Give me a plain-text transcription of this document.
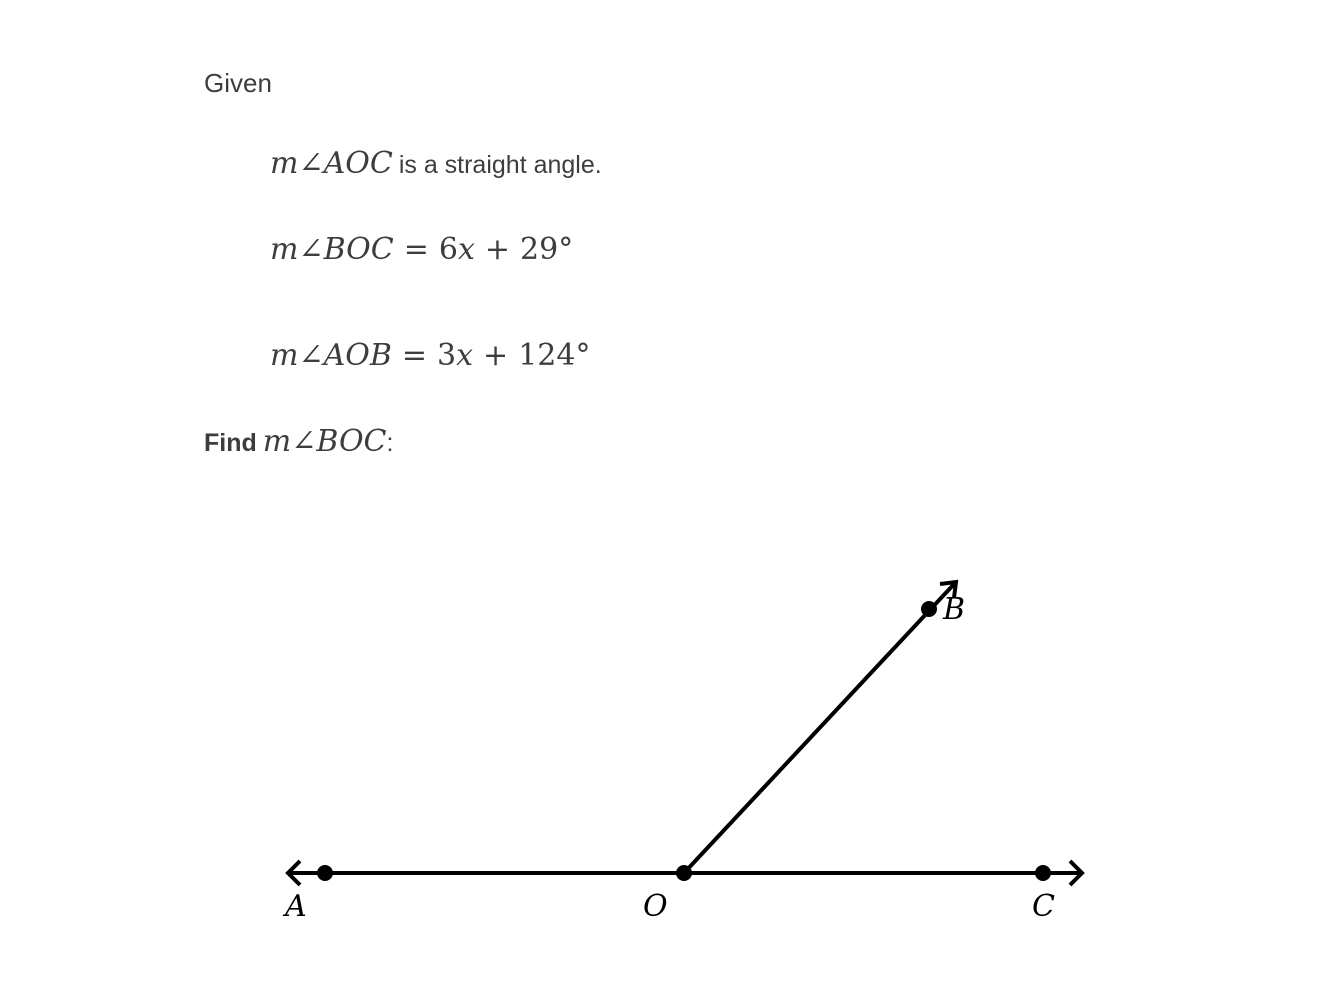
Given
m∠AOC is a straight angle.
m∠BOC = 6x + 29°
m∠AOB = 3x + 124°
Find m∠BOC:
A	O	C
B
